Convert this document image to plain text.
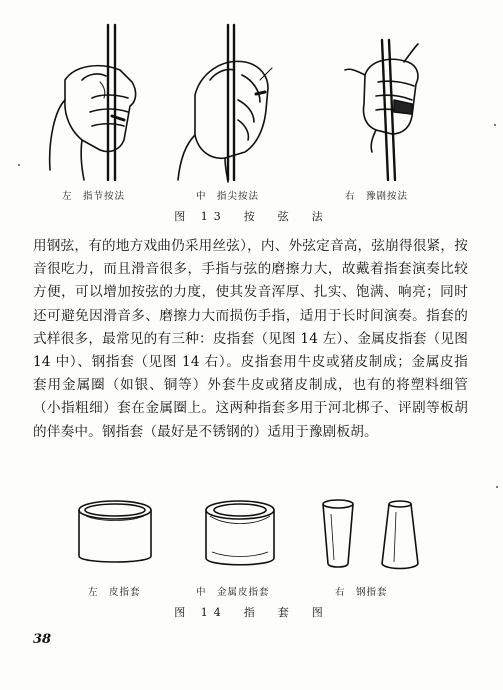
左　指节按法	中　指尖按法	右　豫剧按法
图 13　按　弦　法

用钢弦，有的地方戏曲仍采用丝弦），内、外弦定音高，弦崩得很紧，按音很吃力，而且滑音很多，手指与弦的磨擦力大，故戴着指套演奏比较方便，可以增加按弦的力度，使其发音浑厚、扎实、饱满、响亮；同时还可避免因滑音多、磨擦力大而损伤手指，适用于长时间演奏。指套的式样很多，最常见的有三种：皮指套（见图 14 左）、金属皮指套（见图 14 中）、钢指套（见图 14 右）。皮指套用牛皮或猪皮制成；金属皮指套用金属圈（如银、铜等）外套牛皮或猪皮制成，也有的将塑料细管（小指粗细）套在金属圈上。这两种指套多用于河北梆子、评剧等板胡的伴奏中。钢指套（最好是不锈钢的）适用于豫剧板胡。

左　皮指套	中　金属皮指套	右　钢指套
图 14　指　套　图
38
